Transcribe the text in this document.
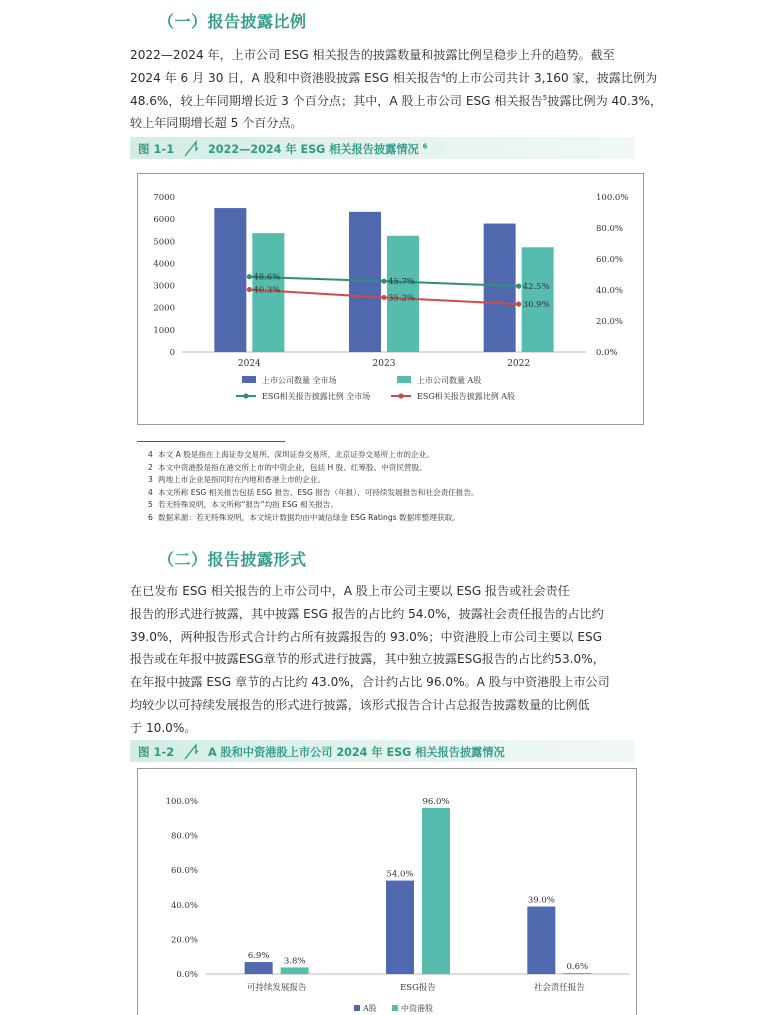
（一）报告披露比例
2022—2024 年，上市公司 ESG 相关报告的披露数量和披露比例呈稳步上升的趋势。截至
2024 年 6 月 30 日，A 股和中资港股披露 ESG 相关报告$^4$的上市公司共计 3,160 家，披露比例为
48.6%，较上年同期增长近 3 个百分点；其中，A 股上市公司 ESG 相关报告$^5$披露比例为 40.3%，
较上年同期增长超 5 个百分点。
图 1-1	2022—2024 年 ESG 相关报告披露情况 $^6$
7000
6000
5000
4000
3000
2000
1000
0
100.0%
80.0%
60.0%
40.0%
20.0%
0.0%
2024	2023	2022
48.6%	45.7%	42.5%
40.3%
35.2%
30.9%
上市公司数量 全市场	上市公司数量 A股
ESG相关报告披露比例 全市场	ESG相关报告披露比例 A股
4 本文 A 股是指在上海证券交易所、深圳证券交易所、北京证券交易所上市的企业。
2 本文中资港股是指在港交所上市的中资企业，包括 H 股、红筹股、中资民营股。
3 两地上市企业是指同时在内地和香港上市的企业。
4 本文所称 ESG 相关报告包括 ESG 报告、ESG 报告（年报）、可持续发展报告和社会责任报告。
5 若无特殊说明，本文所称“报告”均指 ESG 相关报告。
6 数据来源：若无特殊说明，本文统计数据均由中诚信绿金 ESG Ratings 数据库整理获取。
（二）报告披露形式
在已发布 ESG 相关报告的上市公司中，A 股上市公司主要以 ESG 报告或社会责任
报告的形式进行披露，其中披露 ESG 报告的占比约 54.0%，披露社会责任报告的占比约
39.0%，两种报告形式合计约占所有披露报告的 93.0%；中资港股上市公司主要以 ESG
报告或在年报中披露ESG章节的形式进行披露，其中独立披露ESG报告的占比约53.0%，
在年报中披露 ESG 章节的占比约 43.0%，合计约占比 96.0%。A 股与中资港股上市公司
均较少以可持续发展报告的形式进行披露，该形式报告合计占总报告披露数量的比例低
于 10.0%。
图 1-2	A 股和中资港股上市公司 2024 年 ESG 相关报告披露情况
100.0%
80.0%
60.0%
40.0%
20.0%
0.0%
6.9%
3.8%
可持续发展报告
54.0%
96.0%
ESG报告
39.0%
0.6%
社会责任报告
A股	中资港股
